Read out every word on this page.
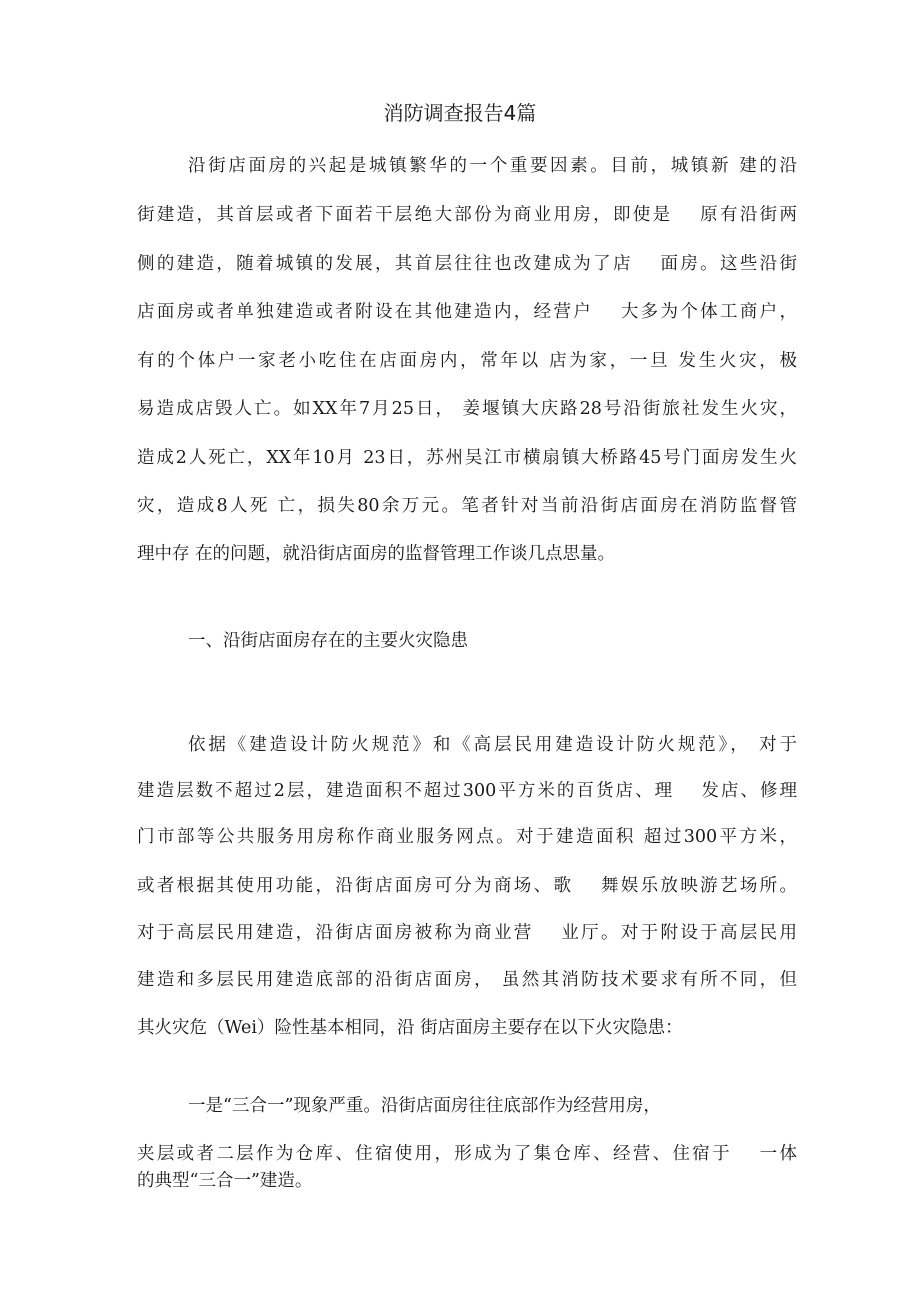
消防调查报告4篇
沿街店面房的兴起是城镇繁华的一个重要因素。目前，城镇新 建的沿
街建造，其首层或者下面若干层绝大部份为商业用房，即使是　 原有沿街两
侧的建造，随着城镇的发展，其首层往往也改建成为了店　 面房。这些沿街
店面房或者单独建造或者附设在其他建造内，经营户　 大多为个体工商户，
有的个体户一家老小吃住在店面房内，常年以 店为家，一旦 发生火灾，极
易造成店毁人亡。如XX年7月25日， 姜堰镇大庆路28号沿街旅社发生火灾，
造成2人死亡，XX年10月 23日，苏州吴江市横扇镇大桥路45号门面房发生火
灾，造成8人死 亡，损失80余万元。笔者针对当前沿街店面房在消防监督管
理中存 在的问题，就沿街店面房的监督管理工作谈几点思量。
一、沿街店面房存在的主要火灾隐患
依据《建造设计防火规范》和《高层民用建造设计防火规范》， 对于
建造层数不超过2层，建造面积不超过300平方米的百货店、理　 发店、修理
门市部等公共服务用房称作商业服务网点。对于建造面积 超过300平方米，
或者根据其使用功能，沿街店面房可分为商场、歌　 舞娱乐放映游艺场所。
对于高层民用建造，沿街店面房被称为商业营　 业厅。对于附设于高层民用
建造和多层民用建造底部的沿街店面房， 虽然其消防技术要求有所不同，但
其火灾危（Wei）险性基本相同，沿 街店面房主要存在以下火灾隐患：
一是“三合一”现象严重。沿街店面房往往底部作为经营用房，
夹层或者二层作为仓库、住宿使用，形成为了集仓库、经营、住宿于　 一体
的典型“三合一”建造。
